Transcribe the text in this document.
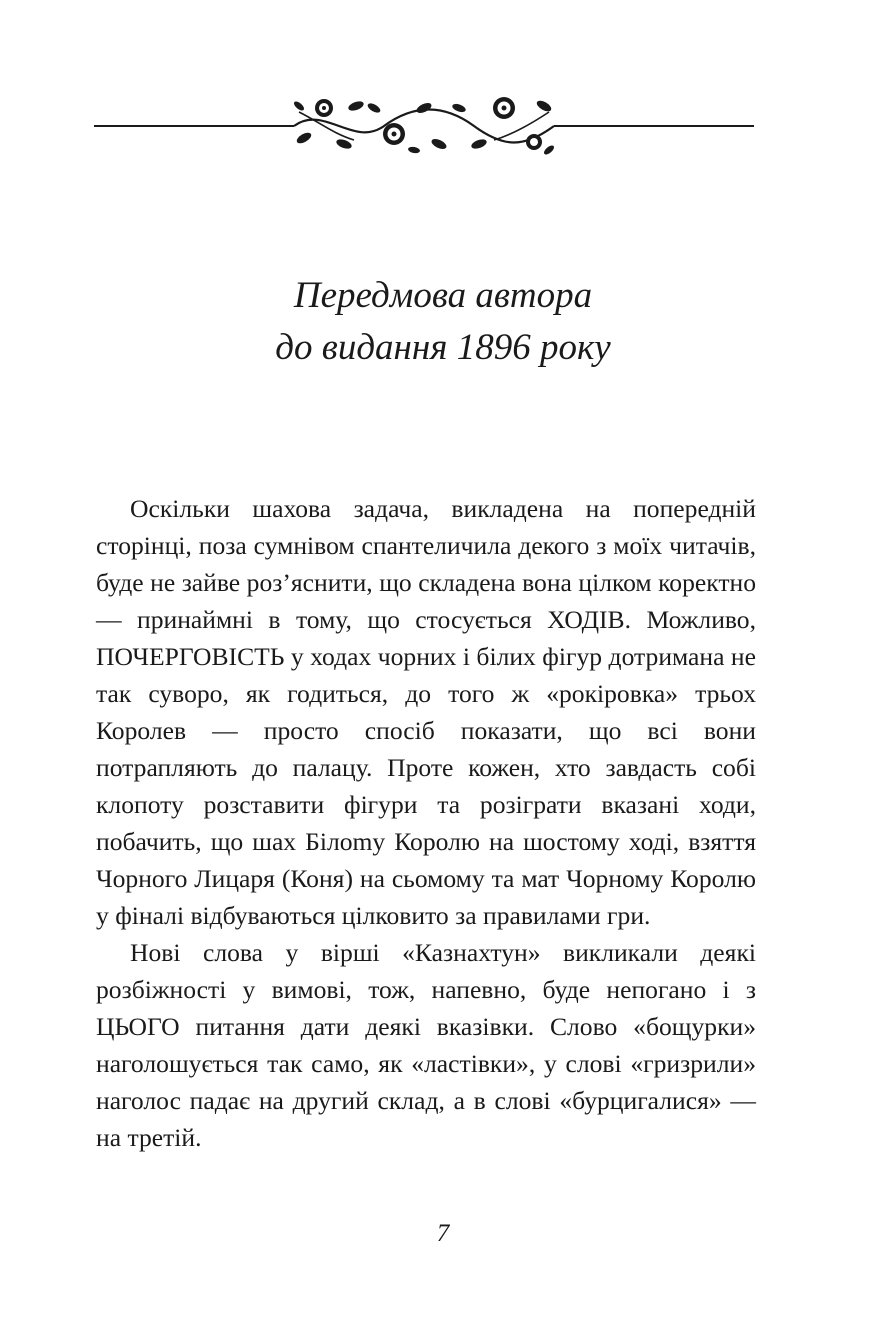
Передмова автора
до видання 1896 року

Оскільки шахова задача, викладена на попередній сторінці, поза сумнівом спантеличила декого з моїх читачів, буде не зайве роз’яснити, що складена вона цілком коректно — принаймні в тому, що стосується ХОДІВ. Можливо, ПОЧЕРГОВІСТЬ у ходах чорних і білих фігур дотримана не так суворо, як годиться, до того ж «рокіровка» трьох Королев — просто спосіб показати, що всі вони потрапляють до палацу. Проте кожен, хто завдасть собі клопоту розставити фігури та розіграти вказані ходи, побачить, що шах Білоmу Королю на шостому ході, взяття Чорного Лицаря (Коня) на сьомому та мат Чорному Королю у фіналі відбуваються цілковито за правилами гри.

Нові слова у вірші «Казнахтун» викликали деякі розбіжності у вимові, тож, напевно, буде непогано і з ЦЬОГО питання дати деякі вказівки. Слово «бощурки» наголошується так само, як «ластівки», у слові «гризрили» наголос падає на другий склад, а в слові «бурцигалися» — на третій.

7
